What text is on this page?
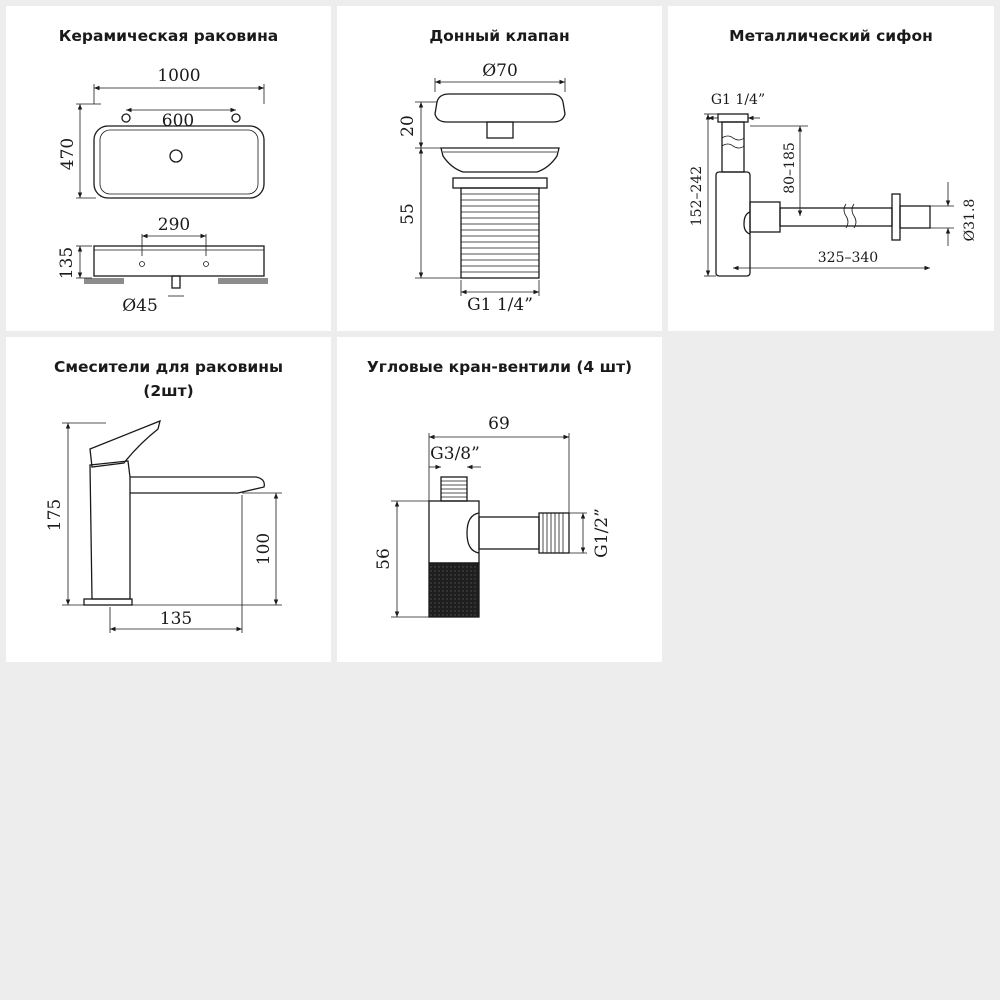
Керамическая раковина
1000
600
470
290
135
Ø45
Донный клапан
Ø70
20
55
G1 1/4”
Металлический сифон
G1 1/4”
152–242	80–185
Ø31.8
325–340
Смесители для раковины
(2шт)
175
100
135
Угловые кран-вентили (4 шт)
69
G3/8”
56
G1/2”
